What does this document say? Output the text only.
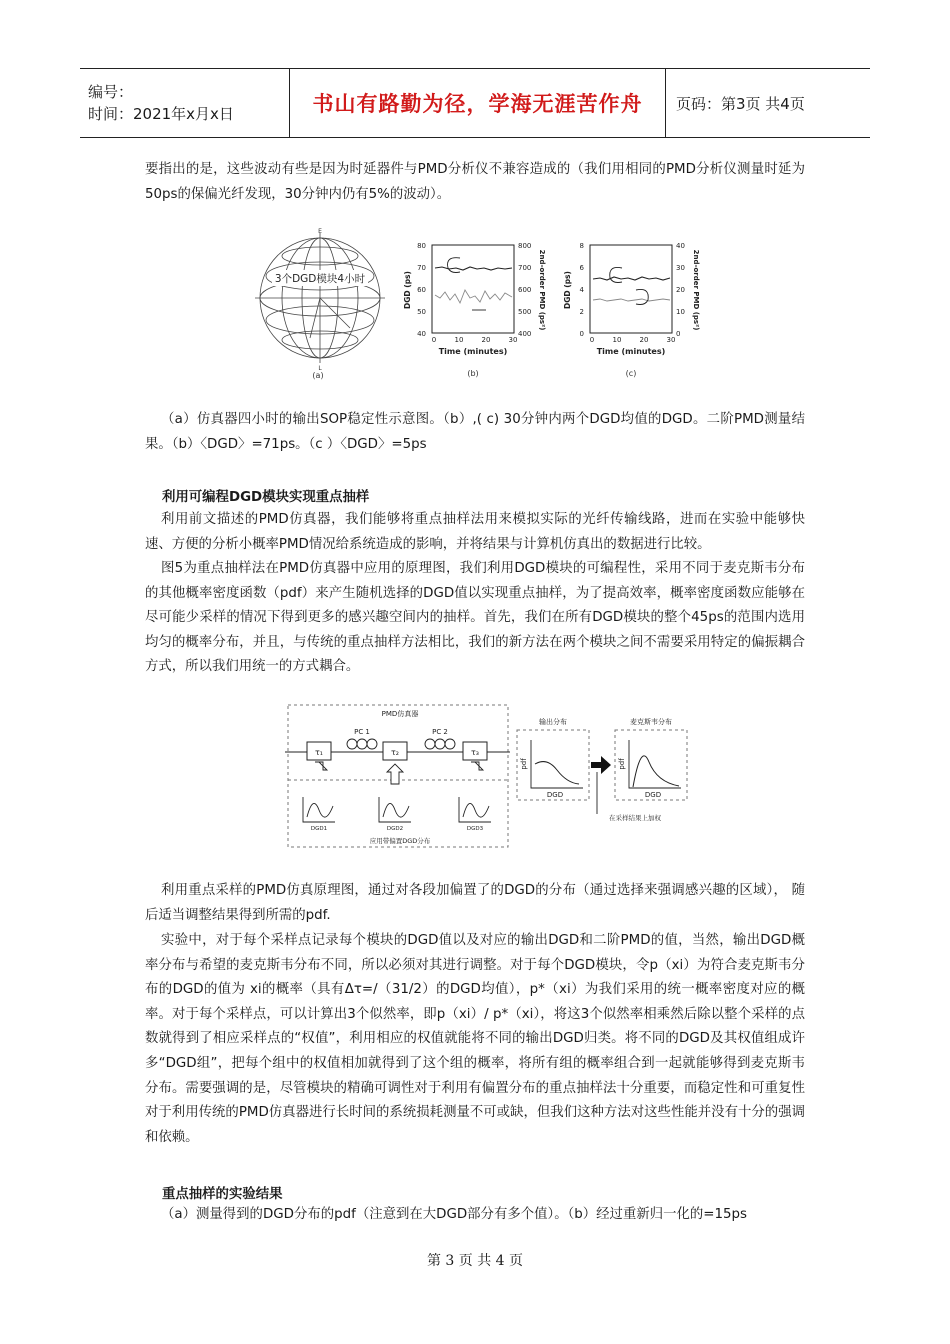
编号：
时间：2021年x月x日	书山有路勤为径，学海无涯苦作舟 页码：第3页 共4页

要指出的是，这些波动有些是因为时延器件与PMD分析仪不兼容造成的（我们用相同的PMD分析仪测量时延为50ps的保偏光纤发现，30分钟内仍有5%的波动）。

3个DGD模块4小时
E
L
(a)
80
70
60
50
40
800
700
600
500
400
0	10	20	30
Time (minutes)
DGD (ps)	2nd-order PMD (ps²)
(b)
8
6
4
2
0
40
30
20
10
0
0	10	20	30
Time (minutes)
DGD (ps)	2nd-order PMD (ps²)
(c)

（a）仿真器四小时的输出SOP稳定性示意图。（b）,( c) 30分钟内两个DGD均值的DGD。二阶PMD测量结果。（b）〈DGD〉=71ps。（c ）〈DGD〉=5ps

利用可编程DGD模块实现重点抽样

利用前文描述的PMD仿真器，我们能够将重点抽样法用来模拟实际的光纤传输线路，进而在实验中能够快速、方便的分析小概率PMD情况给系统造成的影响，并将结果与计算机仿真出的数据进行比较。

图5为重点抽样法在PMD仿真器中应用的原理图，我们利用DGD模块的可编程性，采用不同于麦克斯韦分布的其他概率密度函数（pdf）来产生随机选择的DGD值以实现重点抽样，为了提高效率，概率密度函数应能够在尽可能少采样的情况下得到更多的感兴趣空间内的抽样。首先，我们在所有DGD模块的整个45ps的范围内选用均匀的概率分布，并且，与传统的重点抽样方法相比，我们的新方法在两个模块之间不需要采用特定的偏振耦合方式，所以我们用统一的方式耦合。

PMD仿真器
τ₁	τ₂	τ₃
PC 1	PC 2
DGD1	DGD2	DGD3
应用带偏置DGD分布
输出分布
pdf
DGD
在采样结果上加权
麦克斯韦分布
pdf
DGD

利用重点采样的PMD仿真原理图，通过对各段加偏置了的DGD的分布（通过选择来强调感兴趣的区域）， 随后适当调整结果得到所需的pdf.

实验中，对于每个采样点记录每个模块的DGD值以及对应的输出DGD和二阶PMD的值，当然，输出DGD概率分布与希望的麦克斯韦分布不同，所以必须对其进行调整。对于每个DGD模块，令p（xi）为符合麦克斯韦分布的DGD的值为 xi的概率（具有Δτ=/（31/2）的DGD均值），p*（xi）为我们采用的统一概率密度对应的概率。对于每个采样点，可以计算出3个似然率，即p（xi）/ p*（xi），将这3个似然率相乘然后除以整个采样的点数就得到了相应采样点的“权值”，利用相应的权值就能将不同的输出DGD归类。将不同的DGD及其权值组成许多“DGD组”，把每个组中的权值相加就得到了这个组的概率，将所有组的概率组合到一起就能够得到麦克斯韦分布。需要强调的是，尽管模块的精确可调性对于利用有偏置分布的重点抽样法十分重要，而稳定性和可重复性对于利用传统的PMD仿真器进行长时间的系统损耗测量不可或缺，但我们这种方法对这些性能并没有十分的强调和依赖。

重点抽样的实验结果

（a）测量得到的DGD分布的pdf（注意到在大DGD部分有多个值）。（b）经过重新归一化的=15ps

第 3 页 共 4 页
